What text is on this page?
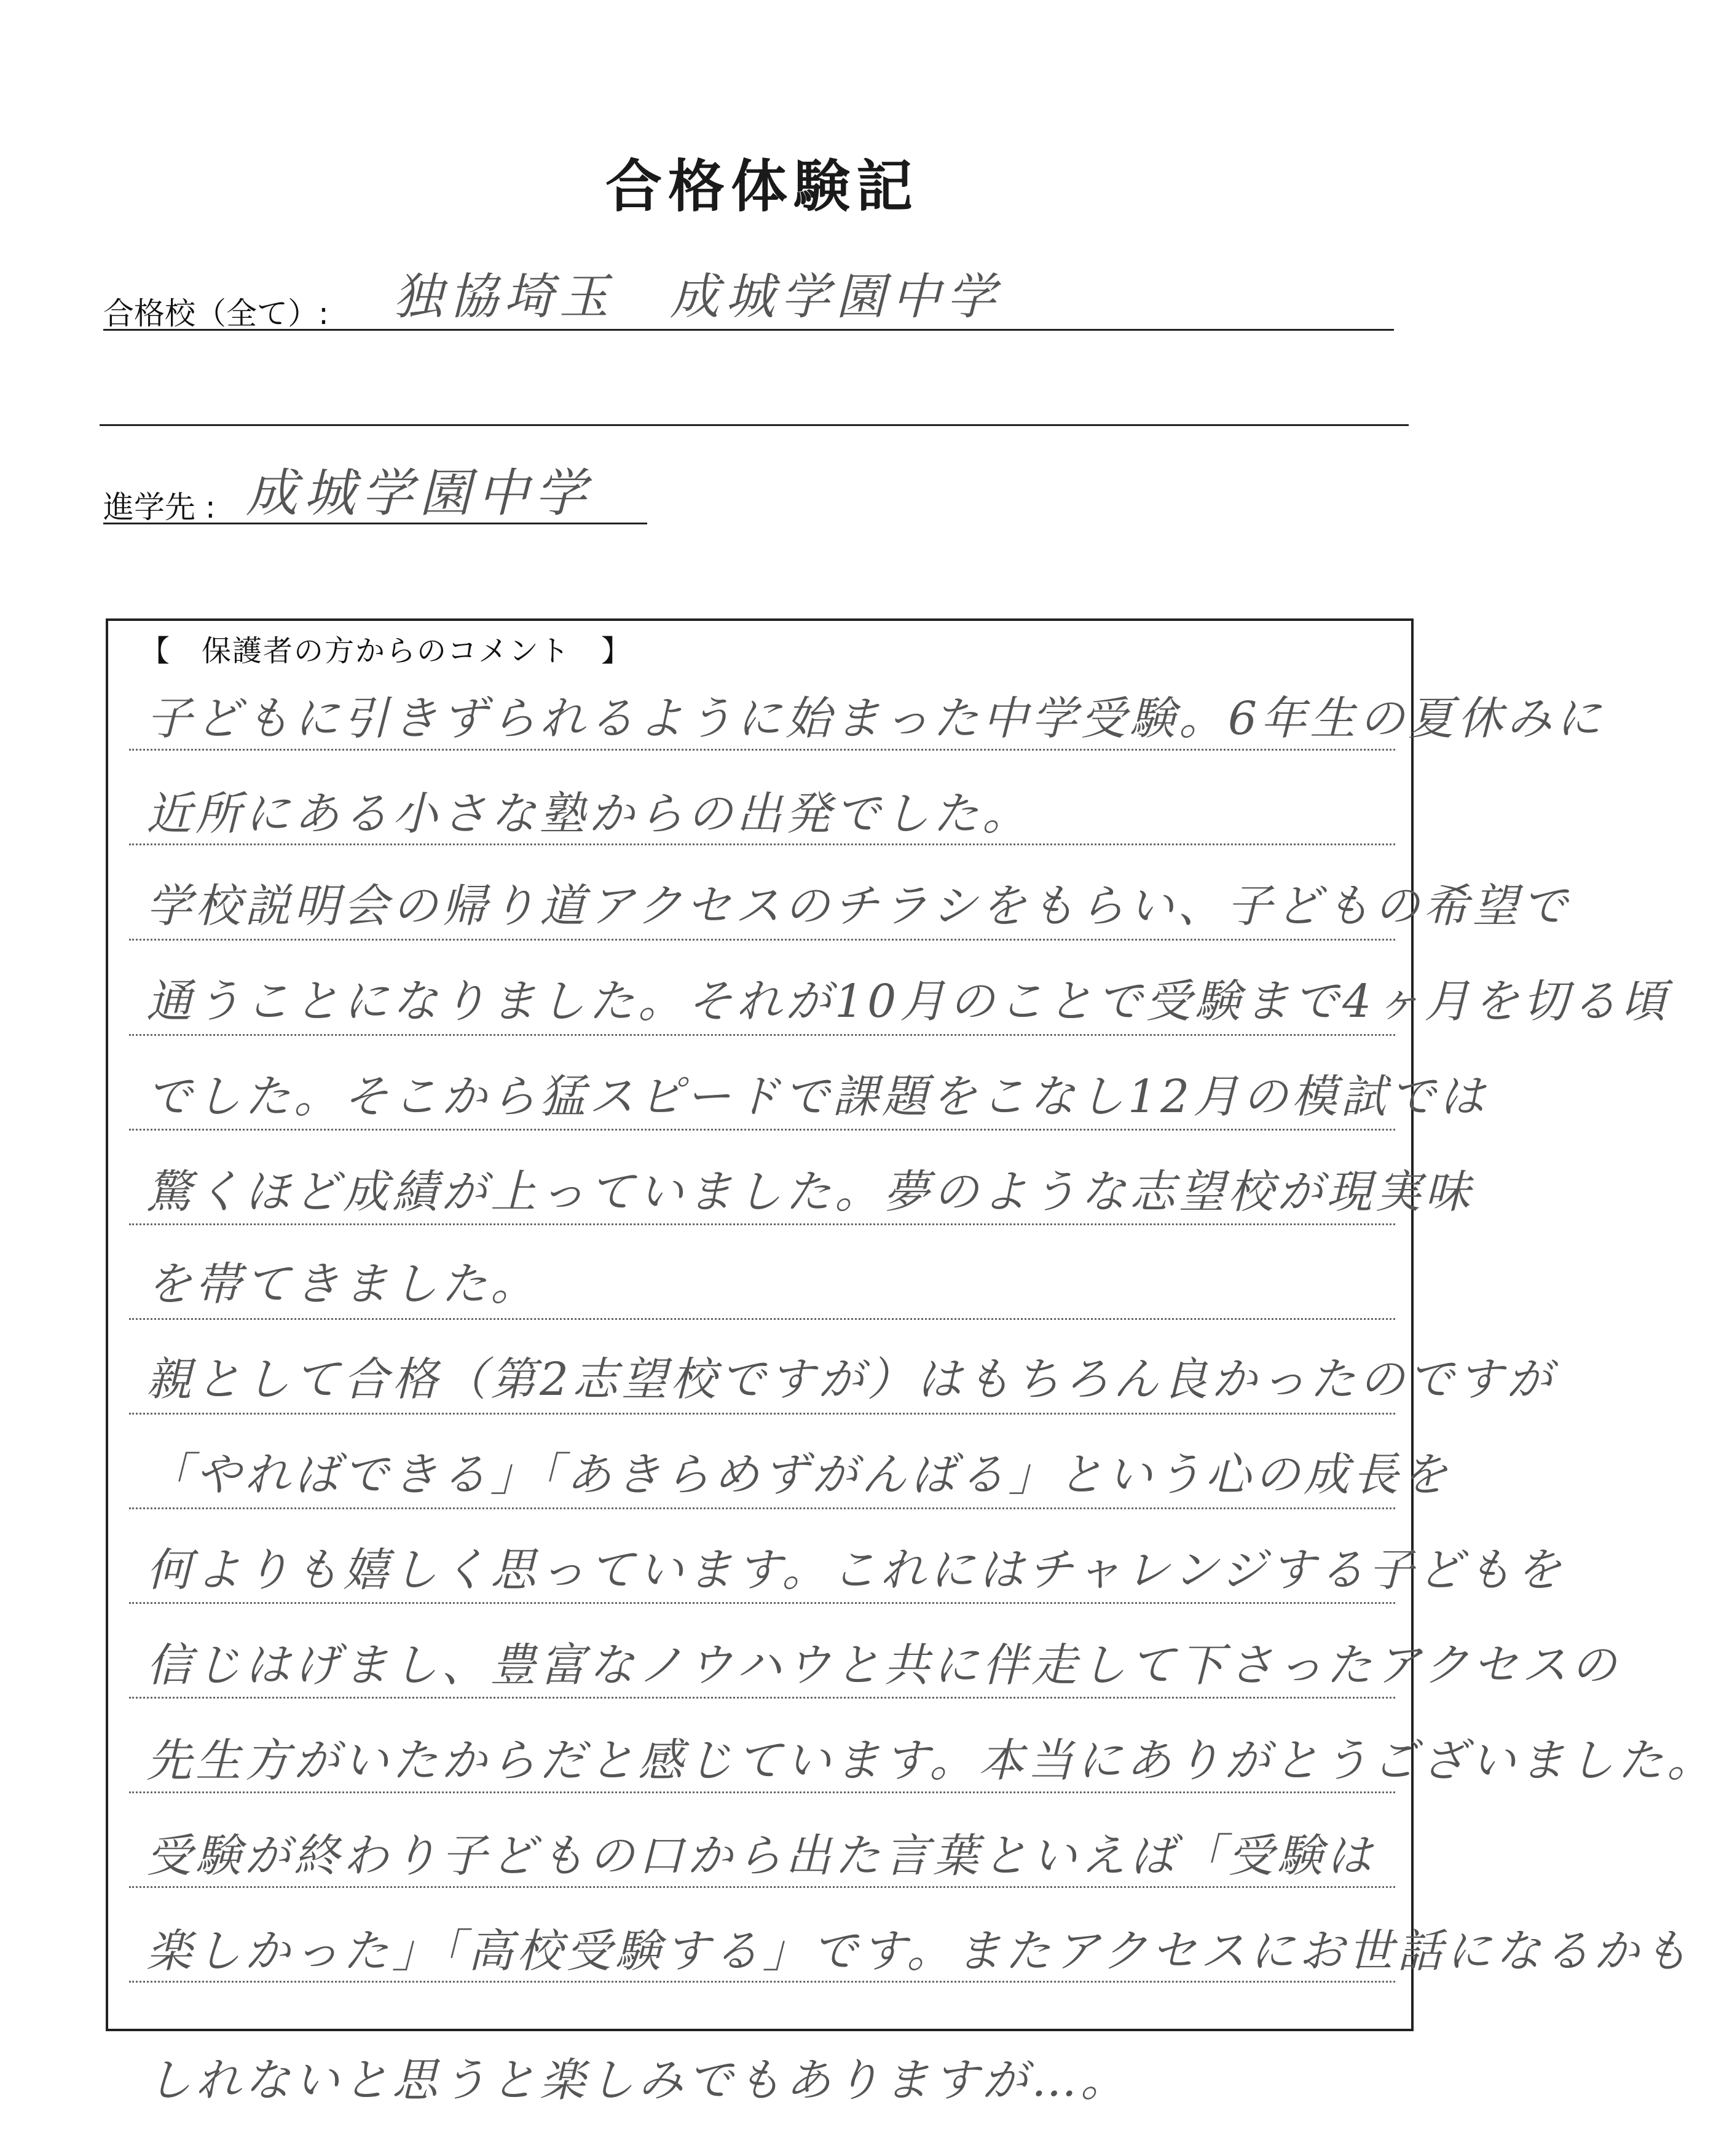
合格体験記
合格校（全て）: 独協埼玉　成城学園中学
進学先 : 成城学園中学
【　保護者の方からのコメント　】
子どもに引きずられるように始まった中学受験。6年生の夏休みに
近所にある小さな塾からの出発でした。
学校説明会の帰り道アクセスのチラシをもらい、子どもの希望で
通うことになりました。それが10月のことで受験まで4ヶ月を切る頃
でした。そこから猛スピードで課題をこなし12月の模試では
驚くほど成績が上っていました。夢のような志望校が現実味
を帯てきました。
親として合格（第2志望校ですが）はもちろん良かったのですが
「やればできる」「あきらめずがんばる」という心の成長を
何よりも嬉しく思っています。これにはチャレンジする子どもを
信じはげまし、豊富なノウハウと共に伴走して下さったアクセスの
先生方がいたからだと感じています。本当にありがとうございました。
受験が終わり子どもの口から出た言葉といえば「受験は
楽しかった」「高校受験する」です。またアクセスにお世話になるかも
しれないと思うと楽しみでもありますが…。
